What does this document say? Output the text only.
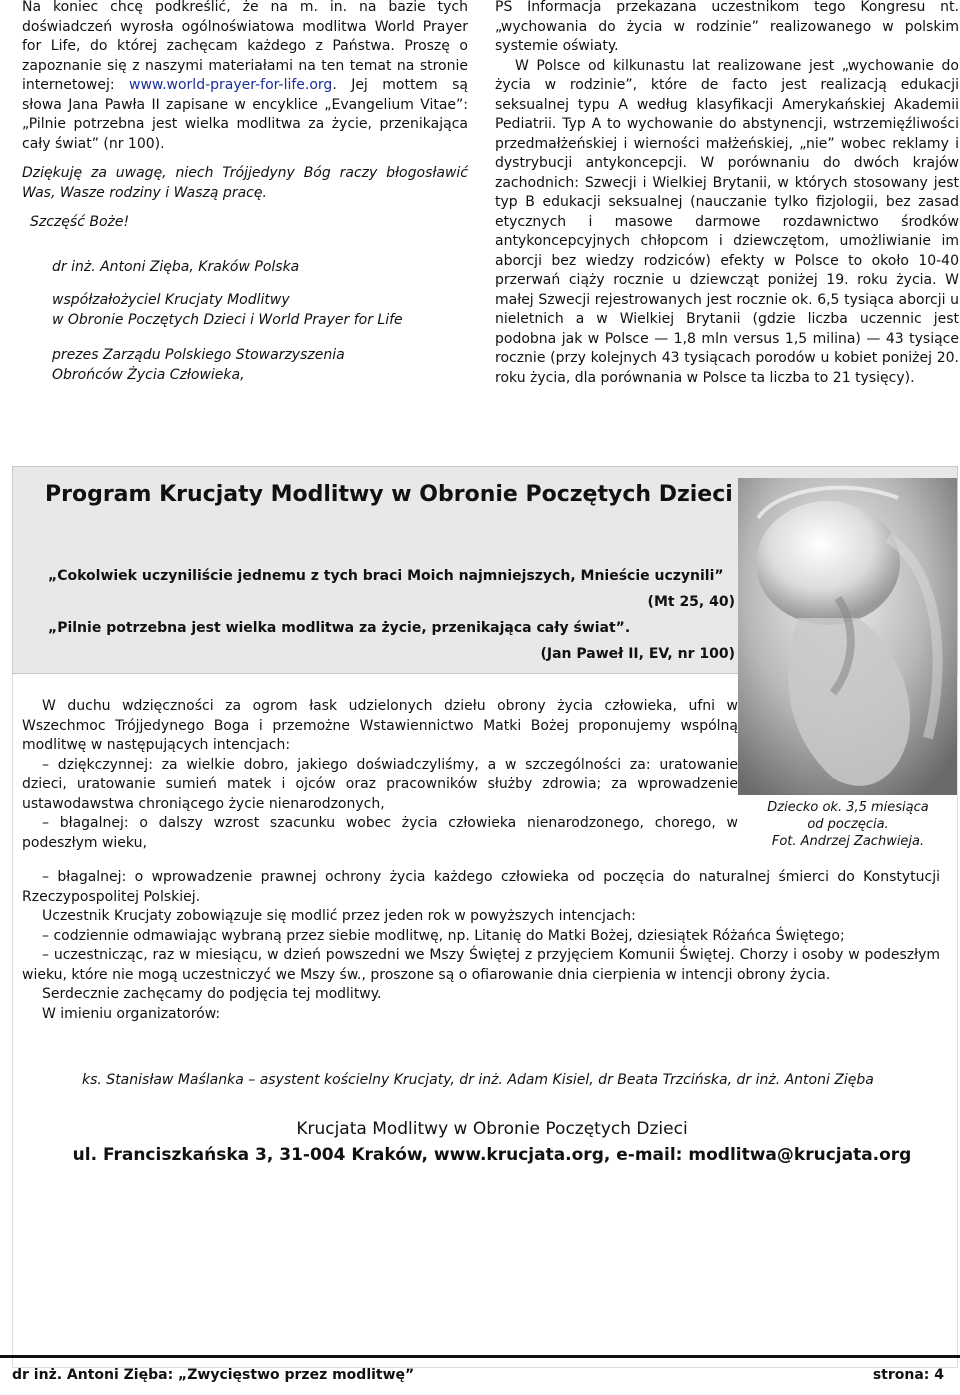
Na koniec chcę podkreślić, że na m. in. na bazie tych doświadczeń wyrosła ogólnoświatowa modlitwa World Prayer for Life, do której zachęcam każdego z Państwa. Proszę o zapoznanie się z naszymi materiałami na ten temat na stronie internetowej: www.world-prayer-for-life.org. Jej mottem są słowa Jana Pawła II zapisane w encyklice „Evangelium Vitae”: „Pilnie potrzebna jest wielka modlitwa za życie, przenikająca cały świat” (nr 100).

Dziękuję za uwagę, niech Trójjedyny Bóg raczy błogosławić Was, Wasze rodziny i Waszą pracę.

Szczęść Boże!

dr inż. Antoni Zięba, Kraków Polska

współzałożyciel Krucjaty Modlitwy

w Obronie Poczętych Dzieci i World Prayer for Life

prezes Zarządu Polskiego Stowarzyszenia

Obrońców Życia Człowieka,

PS Informacja przekazana uczestnikom tego Kongresu nt. „wychowania do życia w rodzinie” realizowanego w polskim systemie oświaty.

W Polsce od kilkunastu lat realizowane jest „wychowanie do życia w rodzinie”, które de facto jest realizacją edukacji seksualnej typu A według klasyfikacji Amerykańskiej Akademii Pediatrii. Typ A to wychowanie do abstynencji, wstrzemięźliwości przedmałżeńskiej i wierności małżeńskiej, „nie” wobec reklamy i dystrybucji antykoncepcji. W porównaniu do dwóch krajów zachodnich: Szwecji i Wielkiej Brytanii, w których stosowany jest typ B edukacji seksualnej (nauczanie tylko fizjologii, bez zasad etycznych i masowe darmowe rozdawnictwo środków antykoncepcyjnych chłopcom i dziewczętom, umożliwianie im aborcji bez wiedzy rodziców) efekty w Polsce to około 10-40 przerwań ciąży rocznie u dziewcząt poniżej 19. roku życia. W małej Szwecji rejestrowanych jest rocznie ok. 6,5 tysiąca aborcji u nieletnich a w Wielkiej Brytanii (gdzie liczba uczennic jest podobna jak w Polsce — 1,8 mln versus 1,5 milina) — 43 tysiące rocznie (przy kolejnych 43 tysiącach porodów u kobiet poniżej 20. roku życia, dla porównania w Polsce ta liczba to 21 tysięcy).

Program Krucjaty Modlitwy w Obronie Poczętych Dzieci
„Cokolwiek uczyniliście jednemu z tych braci Moich najmniejszych, Mnieście uczynili”
(Mt 25, 40)
„Pilnie potrzebna jest wielka modlitwa za życie, przenikająca cały świat”.
(Jan Paweł II, EV, nr 100)
Dziecko ok. 3,5 miesiąca
od poczęcia.
Fot. Andrzej Zachwieja.

W duchu wdzięczności za ogrom łask udzielonych dziełu obrony życia człowieka, ufni w Wszechmoc Trójjedynego Boga i przemożne Wstawiennictwo Matki Bożej proponujemy wspólną modlitwę w następujących intencjach:

– dziękczynnej: za wielkie dobro, jakiego doświadczyliśmy, a w szczególności za: uratowanie dzieci, uratowanie sumień matek i ojców oraz pracowników służby zdrowia; za wprowadzenie ustawodawstwa chroniącego życie nienarodzonych,

– błagalnej: o dalszy wzrost szacunku wobec życia człowieka nienarodzonego, chorego, w podeszłym wieku,

– błagalnej: o wprowadzenie prawnej ochrony życia każdego człowieka od poczęcia do naturalnej śmierci do Konstytucji Rzeczypospolitej Polskiej.

Uczestnik Krucjaty zobowiązuje się modlić przez jeden rok w powyższych intencjach:

– codziennie odmawiając wybraną przez siebie modlitwę, np. Litanię do Matki Bożej, dziesiątek Różańca Świętego;

– uczestnicząc, raz w miesiącu, w dzień powszedni we Mszy Świętej z przyjęciem Komunii Świętej. Chorzy i osoby w podeszłym wieku, które nie mogą uczestniczyć we Mszy św., proszone są o ofiarowanie dnia cierpienia w intencji obrony życia.

Serdecznie zachęcamy do podjęcia tej modlitwy.

W imieniu organizatorów:

ks. Stanisław Maślanka – asystent kościelny Krucjaty, dr inż. Adam Kisiel, dr Beata Trzcińska, dr inż. Antoni Zięba
Krucjata Modlitwy w Obronie Poczętych Dzieci
ul. Franciszkańska 3, 31-004 Kraków, www.krucjata.org, e-mail: modlitwa@krucjata.org
dr inż. Antoni Zięba: „Zwycięstwo przez modlitwę”	strona: 4
